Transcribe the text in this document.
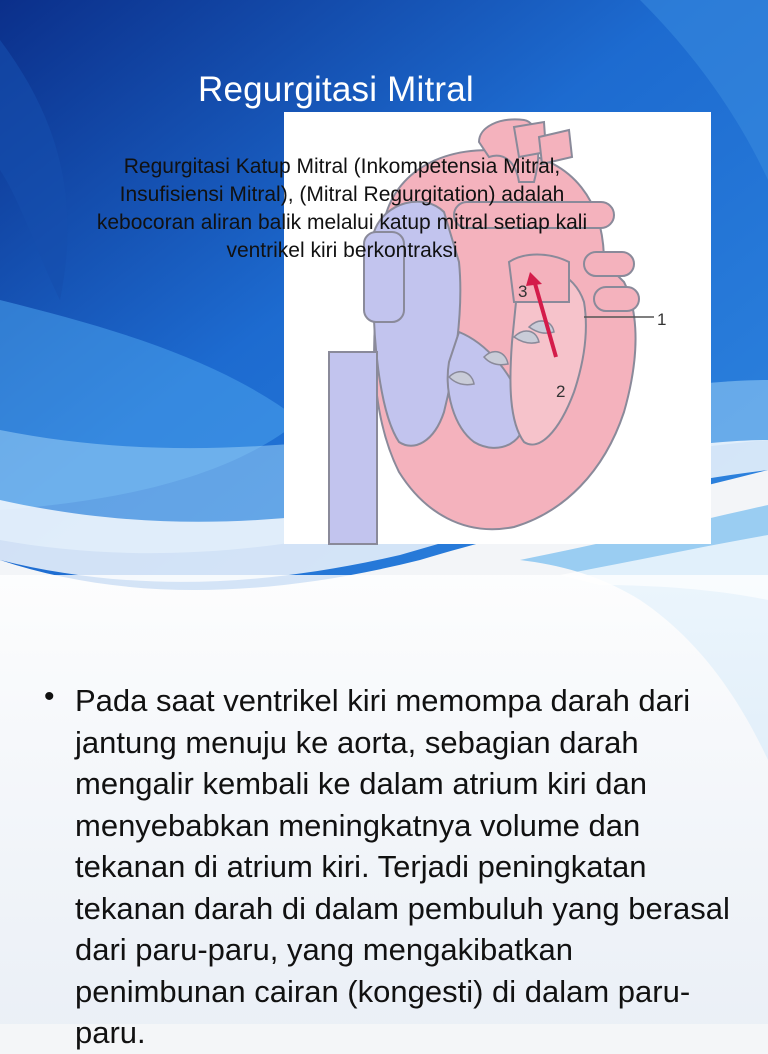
Regurgitasi Mitral
1
2
3
Regurgitasi Katup Mitral (Inkompetensia Mitral, Insufisiensi Mitral), (Mitral Regurgitation) adalah kebocoran aliran balik melalui katup mitral setiap kali ventrikel kiri berkontraksi
• Pada saat ventrikel kiri memompa darah dari jantung menuju ke aorta, sebagian darah mengalir kembali ke dalam atrium kiri dan menyebabkan meningkatnya volume dan tekanan di atrium kiri. Terjadi peningkatan tekanan darah di dalam pembuluh yang berasal dari paru-paru, yang mengakibatkan penimbunan cairan (kongesti) di dalam paru-paru.
